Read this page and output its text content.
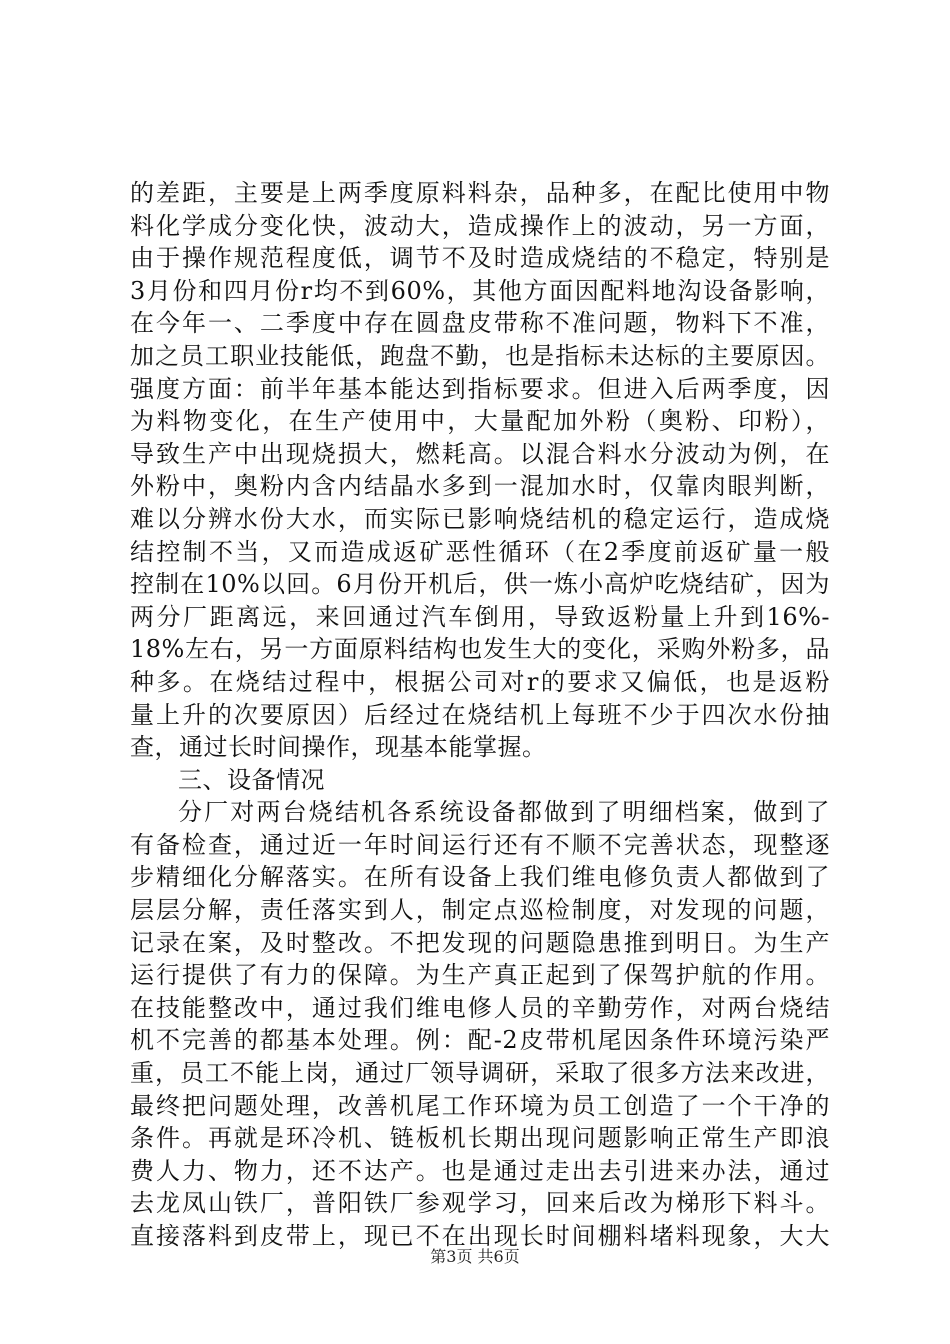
的差距，主要是上两季度原料料杂，品种多，在配比使用中物
料化学成分变化快，波动大，造成操作上的波动，另一方面，
由于操作规范程度低，调节不及时造成烧结的不稳定，特别是
3月份和四月份r均不到60%，其他方面因配料地沟设备影响，
在今年一、二季度中存在圆盘皮带称不准问题，物料下不准，
加之员工职业技能低，跑盘不勤，也是指标未达标的主要原因。
强度方面：前半年基本能达到指标要求。但进入后两季度，因
为料物变化，在生产使用中，大量配加外粉（奥粉、印粉），
导致生产中出现烧损大，燃耗高。以混合料水分波动为例，在
外粉中，奥粉内含内结晶水多到一混加水时，仅靠肉眼判断，
难以分辨水份大水，而实际已影响烧结机的稳定运行，造成烧
结控制不当，又而造成返矿恶性循环（在2季度前返矿量一般
控制在10%以回。6月份开机后，供一炼小高炉吃烧结矿，因为
两分厂距离远，来回通过汽车倒用，导致返粉量上升到16%-
18%左右，另一方面原料结构也发生大的变化，采购外粉多，品
种多。在烧结过程中，根据公司对r的要求又偏低，也是返粉
量上升的次要原因）后经过在烧结机上每班不少于四次水份抽
查，通过长时间操作，现基本能掌握。
三、设备情况
分厂对两台烧结机各系统设备都做到了明细档案，做到了
有备检查，通过近一年时间运行还有不顺不完善状态，现整逐
步精细化分解落实。在所有设备上我们维电修负责人都做到了
层层分解，责任落实到人，制定点巡检制度，对发现的问题，
记录在案，及时整改。不把发现的问题隐患推到明日。为生产
运行提供了有力的保障。为生产真正起到了保驾护航的作用。
在技能整改中，通过我们维电修人员的辛勤劳作，对两台烧结
机不完善的都基本处理。例：配-2皮带机尾因条件环境污染严
重，员工不能上岗，通过厂领导调研，采取了很多方法来改进，
最终把问题处理，改善机尾工作环境为员工创造了一个干净的
条件。再就是环冷机、链板机长期出现问题影响正常生产即浪
费人力、物力，还不达产。也是通过走出去引进来办法，通过
去龙凤山铁厂，普阳铁厂参观学习，回来后改为梯形下料斗。
直接落料到皮带上，现已不在出现长时间棚料堵料现象，大大
第3页 共6页
